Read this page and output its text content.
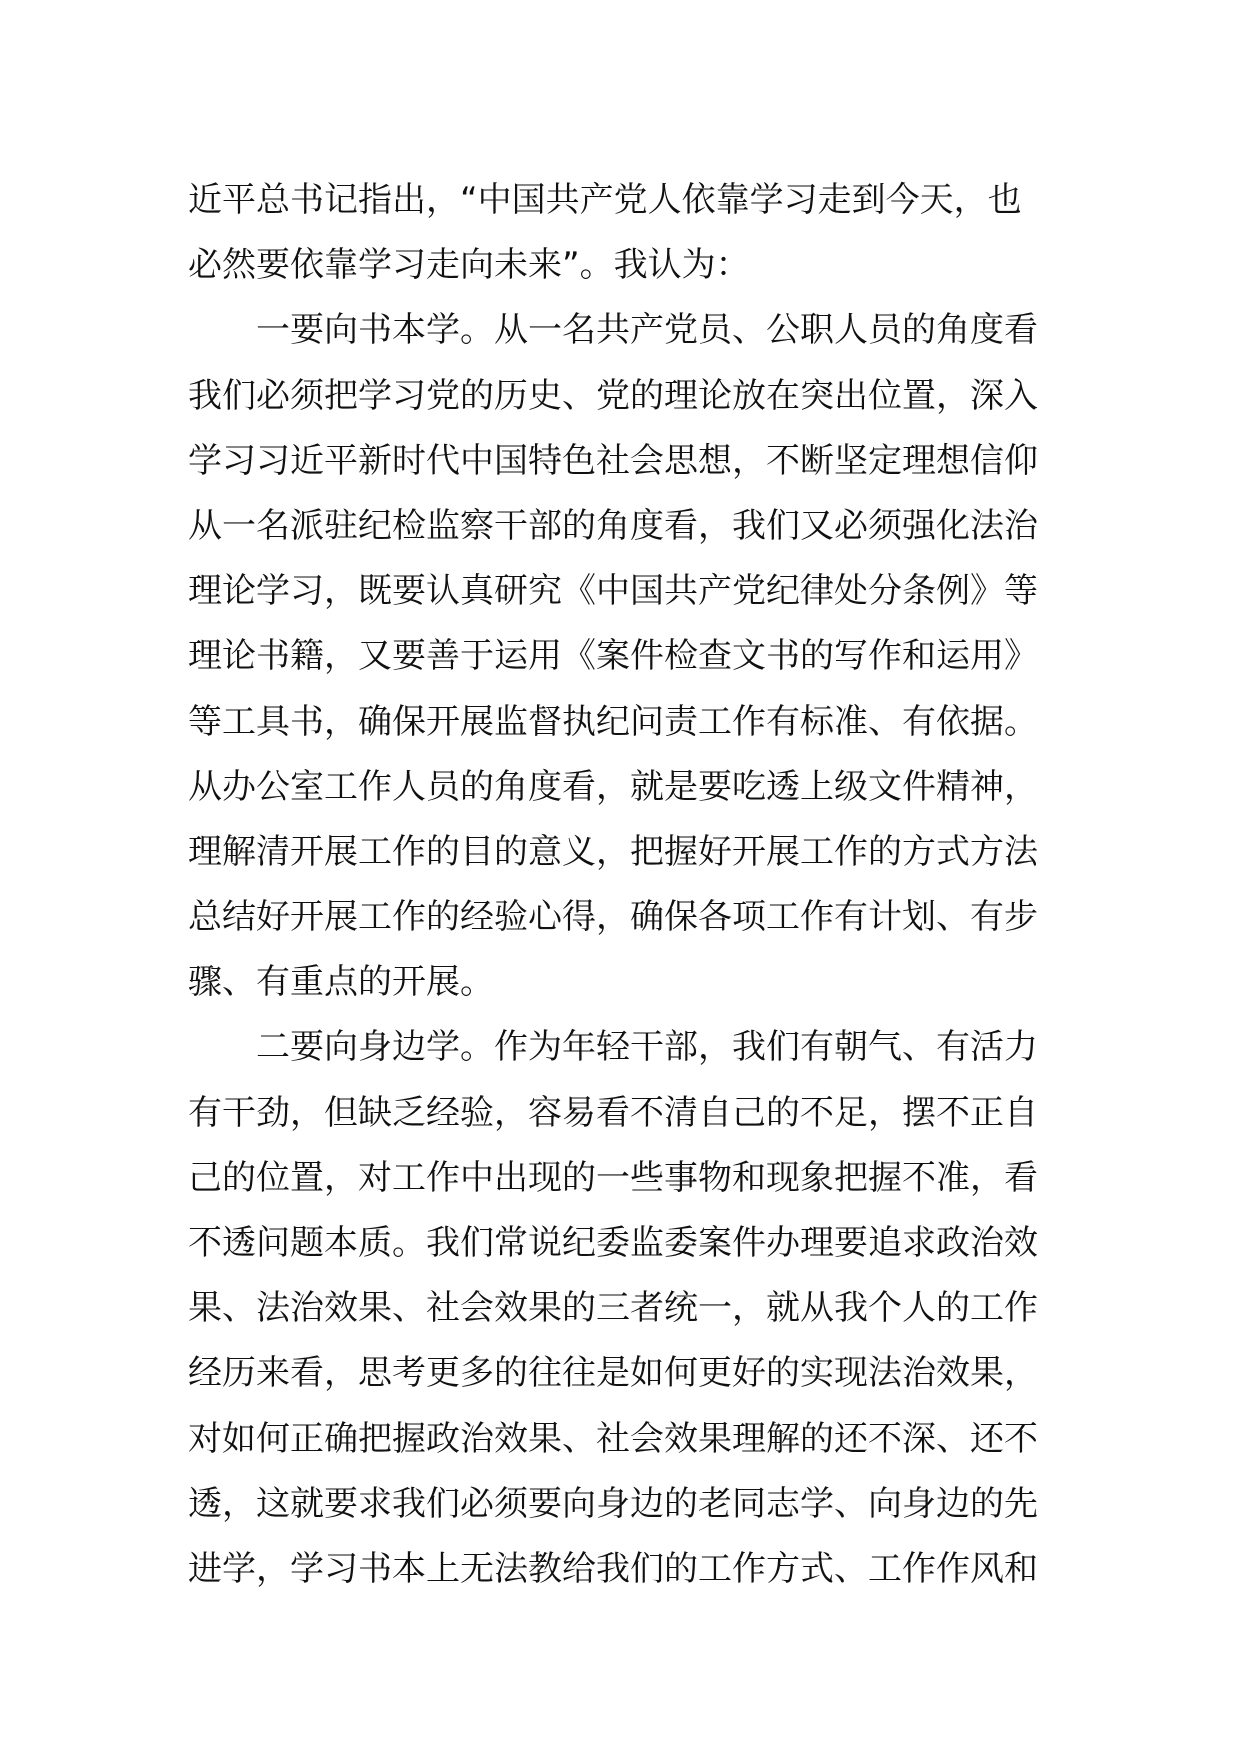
近平总书记指出，“中国共产党人依靠学习走到今天，也
必然要依靠学习走向未来”。我认为：
一要向书本学。从一名共产党员、公职人员的角度看
我们必须把学习党的历史、党的理论放在突出位置，深入
学习习近平新时代中国特色社会思想，不断坚定理想信仰
从一名派驻纪检监察干部的角度看，我们又必须强化法治
理论学习，既要认真研究《中国共产党纪律处分条例》等
理论书籍，又要善于运用《案件检查文书的写作和运用》
等工具书，确保开展监督执纪问责工作有标准、有依据。
从办公室工作人员的角度看，就是要吃透上级文件精神，
理解清开展工作的目的意义，把握好开展工作的方式方法
总结好开展工作的经验心得，确保各项工作有计划、有步
骤、有重点的开展。
二要向身边学。作为年轻干部，我们有朝气、有活力
有干劲，但缺乏经验，容易看不清自己的不足，摆不正自
己的位置，对工作中出现的一些事物和现象把握不准，看
不透问题本质。我们常说纪委监委案件办理要追求政治效
果、法治效果、社会效果的三者统一，就从我个人的工作
经历来看，思考更多的往往是如何更好的实现法治效果，
对如何正确把握政治效果、社会效果理解的还不深、还不
透，这就要求我们必须要向身边的老同志学、向身边的先
进学，学习书本上无法教给我们的工作方式、工作作风和
